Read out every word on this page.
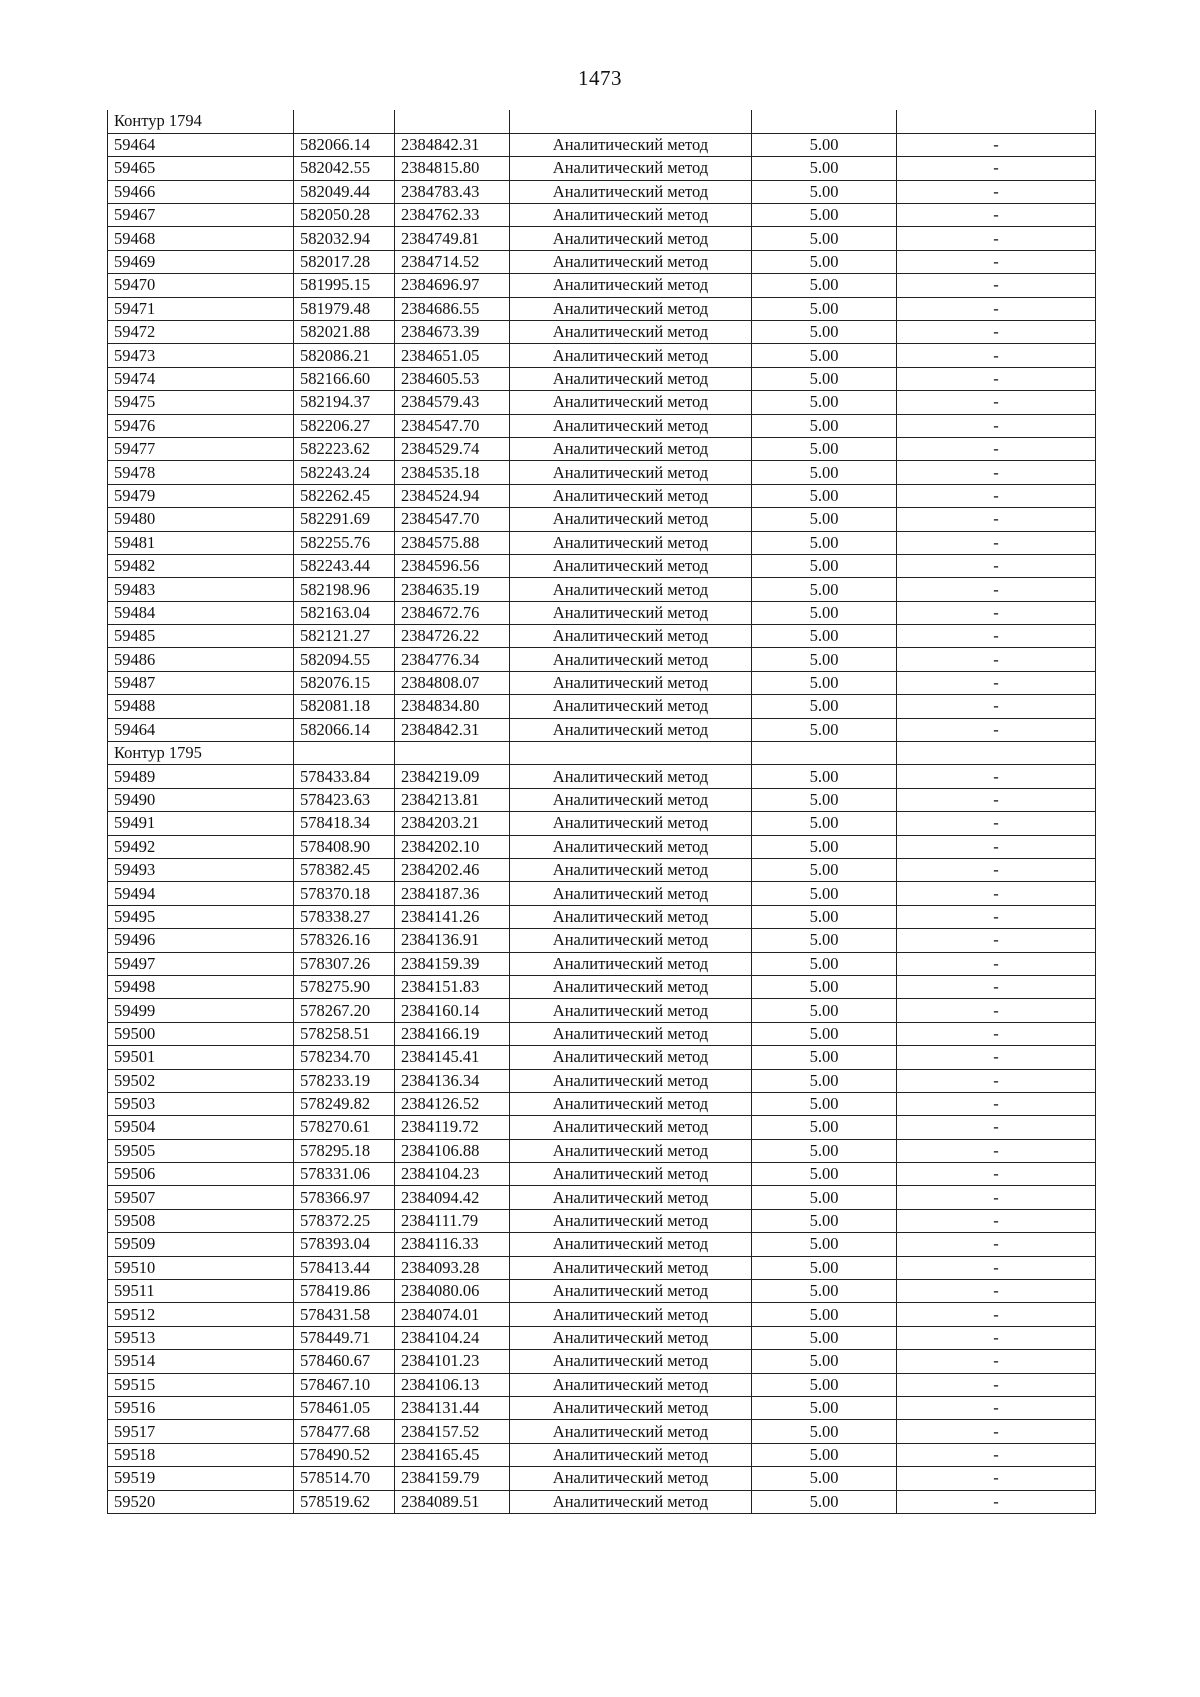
1473
Контур 1794					
59464	582066.14	2384842.31	Аналитический метод	5.00	-
59465	582042.55	2384815.80	Аналитический метод	5.00	-
59466	582049.44	2384783.43	Аналитический метод	5.00	-
59467	582050.28	2384762.33	Аналитический метод	5.00	-
59468	582032.94	2384749.81	Аналитический метод	5.00	-
59469	582017.28	2384714.52	Аналитический метод	5.00	-
59470	581995.15	2384696.97	Аналитический метод	5.00	-
59471	581979.48	2384686.55	Аналитический метод	5.00	-
59472	582021.88	2384673.39	Аналитический метод	5.00	-
59473	582086.21	2384651.05	Аналитический метод	5.00	-
59474	582166.60	2384605.53	Аналитический метод	5.00	-
59475	582194.37	2384579.43	Аналитический метод	5.00	-
59476	582206.27	2384547.70	Аналитический метод	5.00	-
59477	582223.62	2384529.74	Аналитический метод	5.00	-
59478	582243.24	2384535.18	Аналитический метод	5.00	-
59479	582262.45	2384524.94	Аналитический метод	5.00	-
59480	582291.69	2384547.70	Аналитический метод	5.00	-
59481	582255.76	2384575.88	Аналитический метод	5.00	-
59482	582243.44	2384596.56	Аналитический метод	5.00	-
59483	582198.96	2384635.19	Аналитический метод	5.00	-
59484	582163.04	2384672.76	Аналитический метод	5.00	-
59485	582121.27	2384726.22	Аналитический метод	5.00	-
59486	582094.55	2384776.34	Аналитический метод	5.00	-
59487	582076.15	2384808.07	Аналитический метод	5.00	-
59488	582081.18	2384834.80	Аналитический метод	5.00	-
59464	582066.14	2384842.31	Аналитический метод	5.00	-
Контур 1795					
59489	578433.84	2384219.09	Аналитический метод	5.00	-
59490	578423.63	2384213.81	Аналитический метод	5.00	-
59491	578418.34	2384203.21	Аналитический метод	5.00	-
59492	578408.90	2384202.10	Аналитический метод	5.00	-
59493	578382.45	2384202.46	Аналитический метод	5.00	-
59494	578370.18	2384187.36	Аналитический метод	5.00	-
59495	578338.27	2384141.26	Аналитический метод	5.00	-
59496	578326.16	2384136.91	Аналитический метод	5.00	-
59497	578307.26	2384159.39	Аналитический метод	5.00	-
59498	578275.90	2384151.83	Аналитический метод	5.00	-
59499	578267.20	2384160.14	Аналитический метод	5.00	-
59500	578258.51	2384166.19	Аналитический метод	5.00	-
59501	578234.70	2384145.41	Аналитический метод	5.00	-
59502	578233.19	2384136.34	Аналитический метод	5.00	-
59503	578249.82	2384126.52	Аналитический метод	5.00	-
59504	578270.61	2384119.72	Аналитический метод	5.00	-
59505	578295.18	2384106.88	Аналитический метод	5.00	-
59506	578331.06	2384104.23	Аналитический метод	5.00	-
59507	578366.97	2384094.42	Аналитический метод	5.00	-
59508	578372.25	2384111.79	Аналитический метод	5.00	-
59509	578393.04	2384116.33	Аналитический метод	5.00	-
59510	578413.44	2384093.28	Аналитический метод	5.00	-
59511	578419.86	2384080.06	Аналитический метод	5.00	-
59512	578431.58	2384074.01	Аналитический метод	5.00	-
59513	578449.71	2384104.24	Аналитический метод	5.00	-
59514	578460.67	2384101.23	Аналитический метод	5.00	-
59515	578467.10	2384106.13	Аналитический метод	5.00	-
59516	578461.05	2384131.44	Аналитический метод	5.00	-
59517	578477.68	2384157.52	Аналитический метод	5.00	-
59518	578490.52	2384165.45	Аналитический метод	5.00	-
59519	578514.70	2384159.79	Аналитический метод	5.00	-
59520	578519.62	2384089.51	Аналитический метод	5.00	-
